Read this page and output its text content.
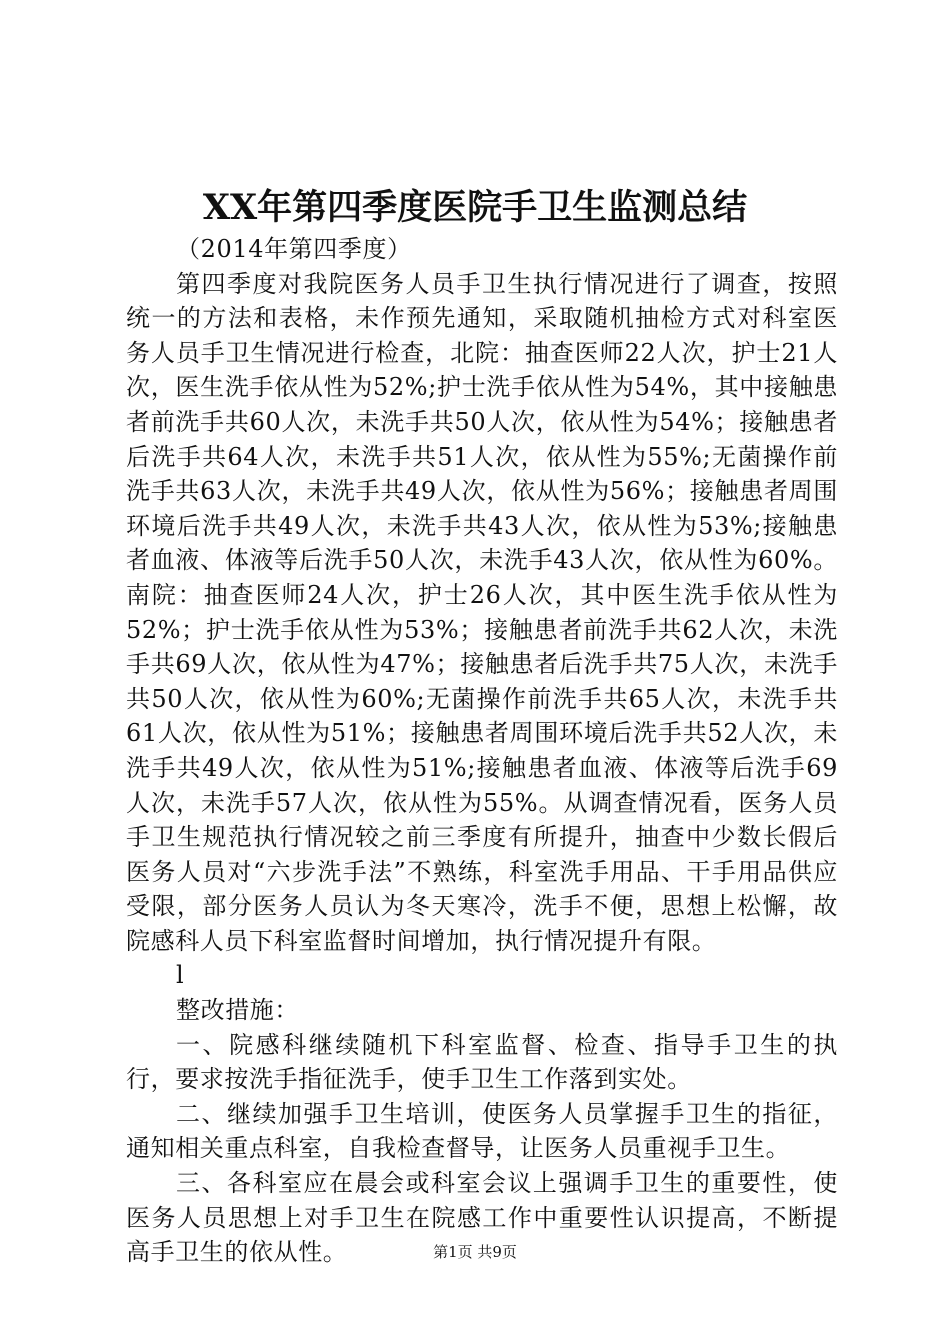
XX年第四季度医院手卫生监测总结

（2014年第四季度）

第四季度对我院医务人员手卫生执行情况进行了调查，按照统一的方法和表格，未作预先通知，采取随机抽检方式对科室医务人员手卫生情况进行检查，北院：抽查医师22人次，护士21人次，医生洗手依从性为52%;护士洗手依从性为54%，其中接触患者前洗手共60人次，未洗手共50人次，依从性为54%；接触患者后洗手共64人次，未洗手共51人次，依从性为55%;无菌操作前洗手共63人次，未洗手共49人次，依从性为56%；接触患者周围环境后洗手共49人次，未洗手共43人次，依从性为53%;接触患者血液、体液等后洗手50人次，未洗手43人次，依从性为60%。南院：抽查医师24人次，护士26人次，其中医生洗手依从性为52%；护士洗手依从性为53%；接触患者前洗手共62人次，未洗手共69人次，依从性为47%；接触患者后洗手共75人次，未洗手共50人次，依从性为60%;无菌操作前洗手共65人次，未洗手共61人次，依从性为51%；接触患者周围环境后洗手共52人次，未洗手共49人次，依从性为51%;接触患者血液、体液等后洗手69人次，未洗手57人次，依从性为55%。从调查情况看，医务人员手卫生规范执行情况较之前三季度有所提升，抽查中少数长假后医务人员对“六步洗手法”不熟练，科室洗手用品、干手用品供应受限，部分医务人员认为冬天寒冷，洗手不便，思想上松懈，故院感科人员下科室监督时间增加，执行情况提升有限。

l

整改措施：

一、院感科继续随机下科室监督、检查、指导手卫生的执行，要求按洗手指征洗手，使手卫生工作落到实处。

二、继续加强手卫生培训，使医务人员掌握手卫生的指征，通知相关重点科室，自我检查督导，让医务人员重视手卫生。

三、各科室应在晨会或科室会议上强调手卫生的重要性，使医务人员思想上对手卫生在院感工作中重要性认识提高，不断提高手卫生的依从性。	第1页 共9页
